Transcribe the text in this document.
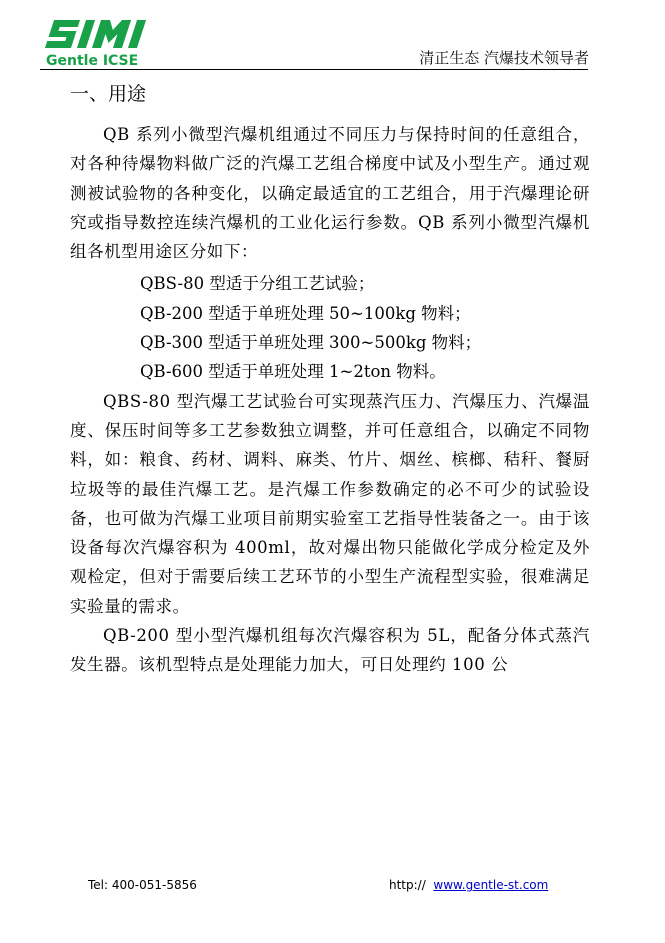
Gentle ICSE	清正生态 汽爆技术领导者
一、用途

QB 系列小微型汽爆机组通过不同压力与保持时间的任意组合，对各种待爆物料做广泛的汽爆工艺组合梯度中试及小型生产。通过观测被试验物的各种变化，以确定最适宜的工艺组合，用于汽爆理论研究或指导数控连续汽爆机的工业化运行参数。QB 系列小微型汽爆机组各机型用途区分如下：

QBS-80 型适于分组工艺试验；

QB-200 型适于单班处理 50~100kg 物料；

QB-300 型适于单班处理 300~500kg 物料；

QB-600 型适于单班处理 1~2ton 物料。

QBS-80 型汽爆工艺试验台可实现蒸汽压力、汽爆压力、汽爆温度、保压时间等多工艺参数独立调整，并可任意组合，以确定不同物料，如：粮食、药材、调料、麻类、竹片、烟丝、槟榔、秸秆、餐厨垃圾等的最佳汽爆工艺。是汽爆工作参数确定的必不可少的试验设备，也可做为汽爆工业项目前期实验室工艺指导性装备之一。由于该设备每次汽爆容积为 400ml，故对爆出物只能做化学成分检定及外观检定，但对于需要后续工艺环节的小型生产流程型实验，很难满足实验量的需求。

QB-200 型小型汽爆机组每次汽爆容积为 5L，配备分体式蒸汽发生器。该机型特点是处理能力加大，可日处理约 100 公

Tel: 400-051-5856	http:// www.gentle-st.com
